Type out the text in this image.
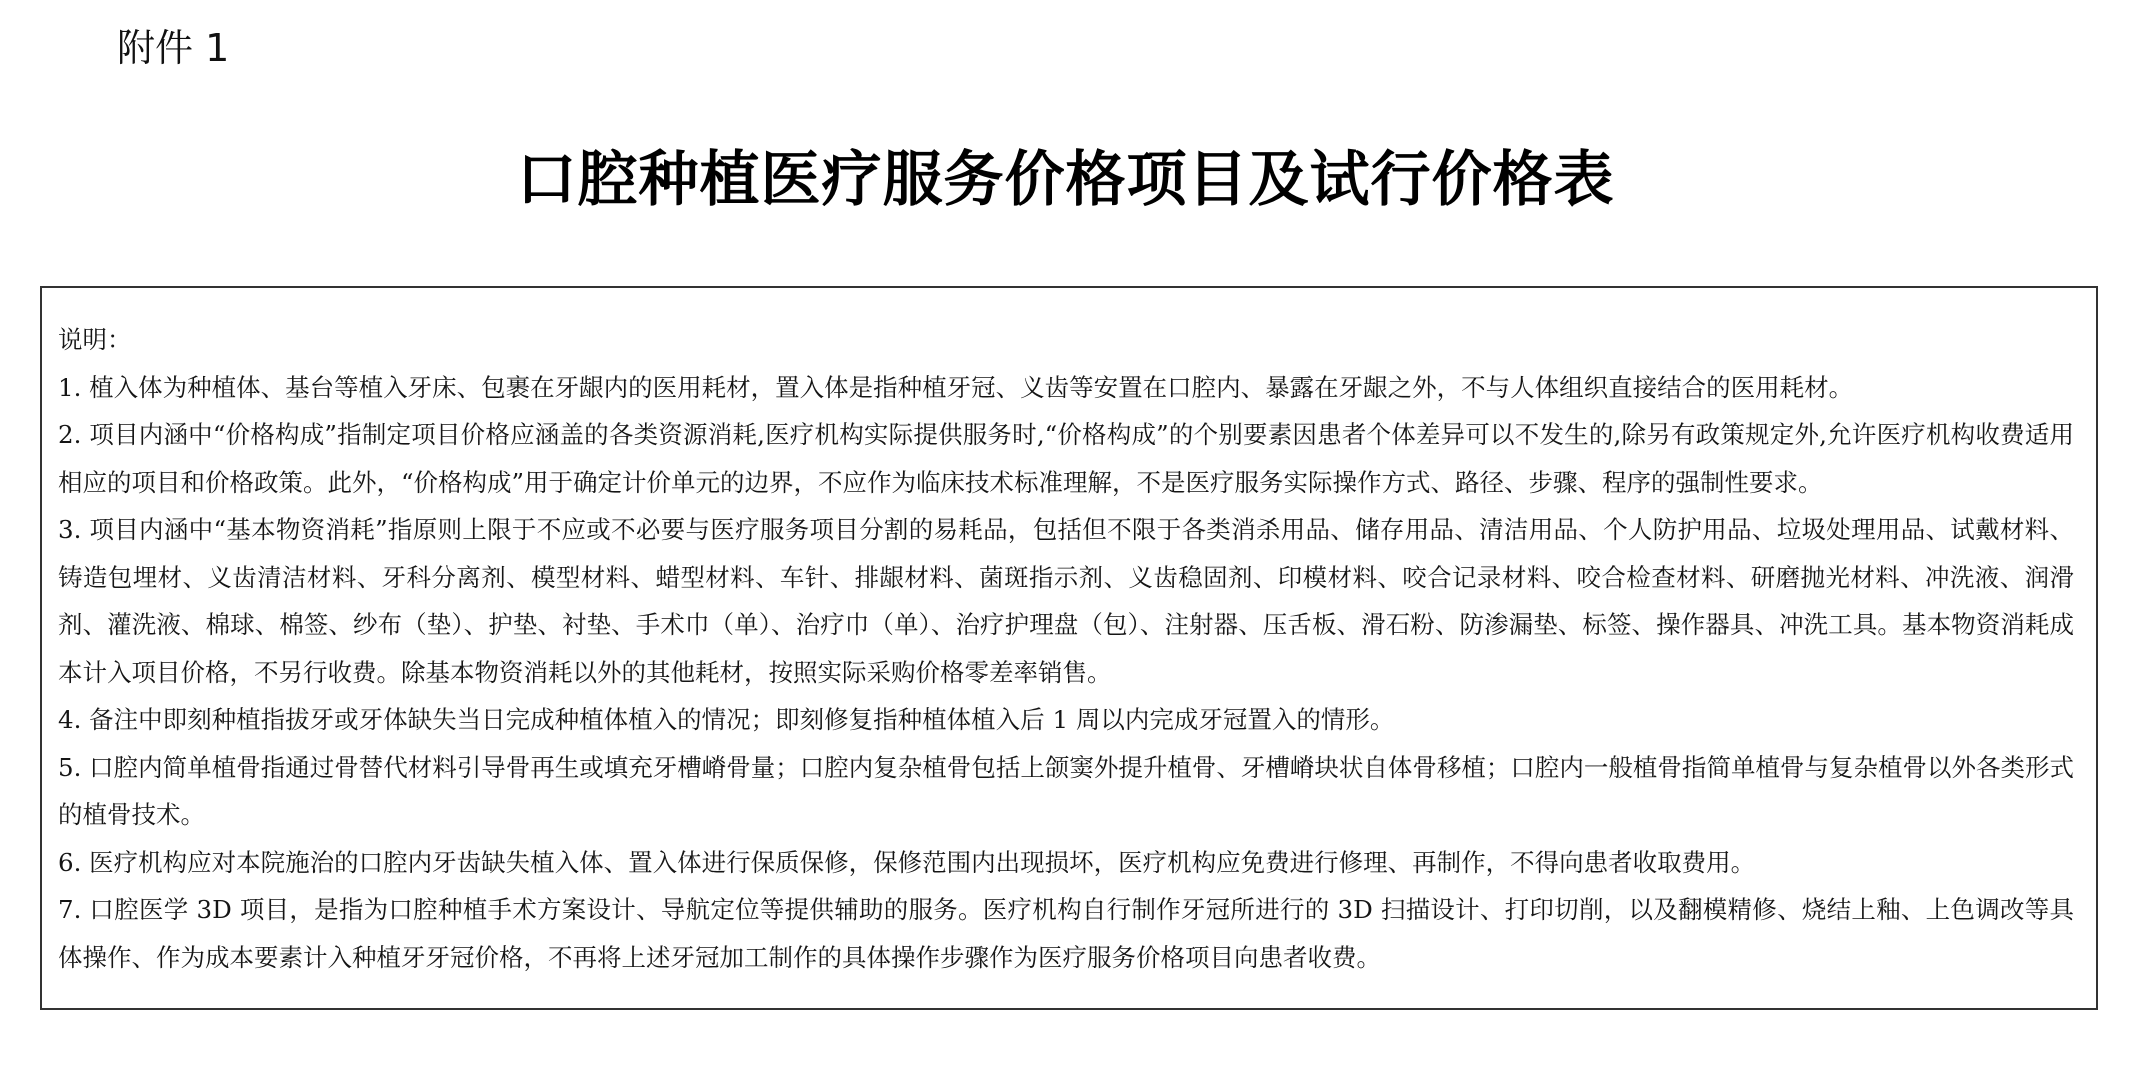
附件 1
口腔种植医疗服务价格项目及试行价格表

说明：

1. 植入体为种植体、基台等植入牙床、包裹在牙龈内的医用耗材，置入体是指种植牙冠、义齿等安置在口腔内、暴露在牙龈之外，不与人体组织直接结合的医用耗材。

2. 项目内涵中“价格构成”指制定项目价格应涵盖的各类资源消耗,医疗机构实际提供服务时,“价格构成”的个别要素因患者个体差异可以不发生的,除另有政策规定外,允许医疗机构收费适用相应的项目和价格政策。此外，“价格构成”用于确定计价单元的边界，不应作为临床技术标准理解，不是医疗服务实际操作方式、路径、步骤、程序的强制性要求。

3. 项目内涵中“基本物资消耗”指原则上限于不应或不必要与医疗服务项目分割的易耗品，包括但不限于各类消杀用品、储存用品、清洁用品、个人防护用品、垃圾处理用品、试戴材料、铸造包埋材、义齿清洁材料、牙科分离剂、模型材料、蜡型材料、车针、排龈材料、菌斑指示剂、义齿稳固剂、印模材料、咬合记录材料、咬合检查材料、研磨抛光材料、冲洗液、润滑剂、灌洗液、棉球、棉签、纱布（垫）、护垫、衬垫、手术巾（单）、治疗巾（单）、治疗护理盘（包）、注射器、压舌板、滑石粉、防渗漏垫、标签、操作器具、冲洗工具。基本物资消耗成本计入项目价格，不另行收费。除基本物资消耗以外的其他耗材，按照实际采购价格零差率销售。

4. 备注中即刻种植指拔牙或牙体缺失当日完成种植体植入的情况；即刻修复指种植体植入后 1 周以内完成牙冠置入的情形。

5. 口腔内简单植骨指通过骨替代材料引导骨再生或填充牙槽嵴骨量；口腔内复杂植骨包括上颌窦外提升植骨、牙槽嵴块状自体骨移植；口腔内一般植骨指简单植骨与复杂植骨以外各类形式的植骨技术。

6. 医疗机构应对本院施治的口腔内牙齿缺失植入体、置入体进行保质保修，保修范围内出现损坏，医疗机构应免费进行修理、再制作，不得向患者收取费用。

7. 口腔医学 3D 项目，是指为口腔种植手术方案设计、导航定位等提供辅助的服务。医疗机构自行制作牙冠所进行的 3D 扫描设计、打印切削，以及翻模精修、烧结上釉、上色调改等具体操作、作为成本要素计入种植牙牙冠价格，不再将上述牙冠加工制作的具体操作步骤作为医疗服务价格项目向患者收费。
